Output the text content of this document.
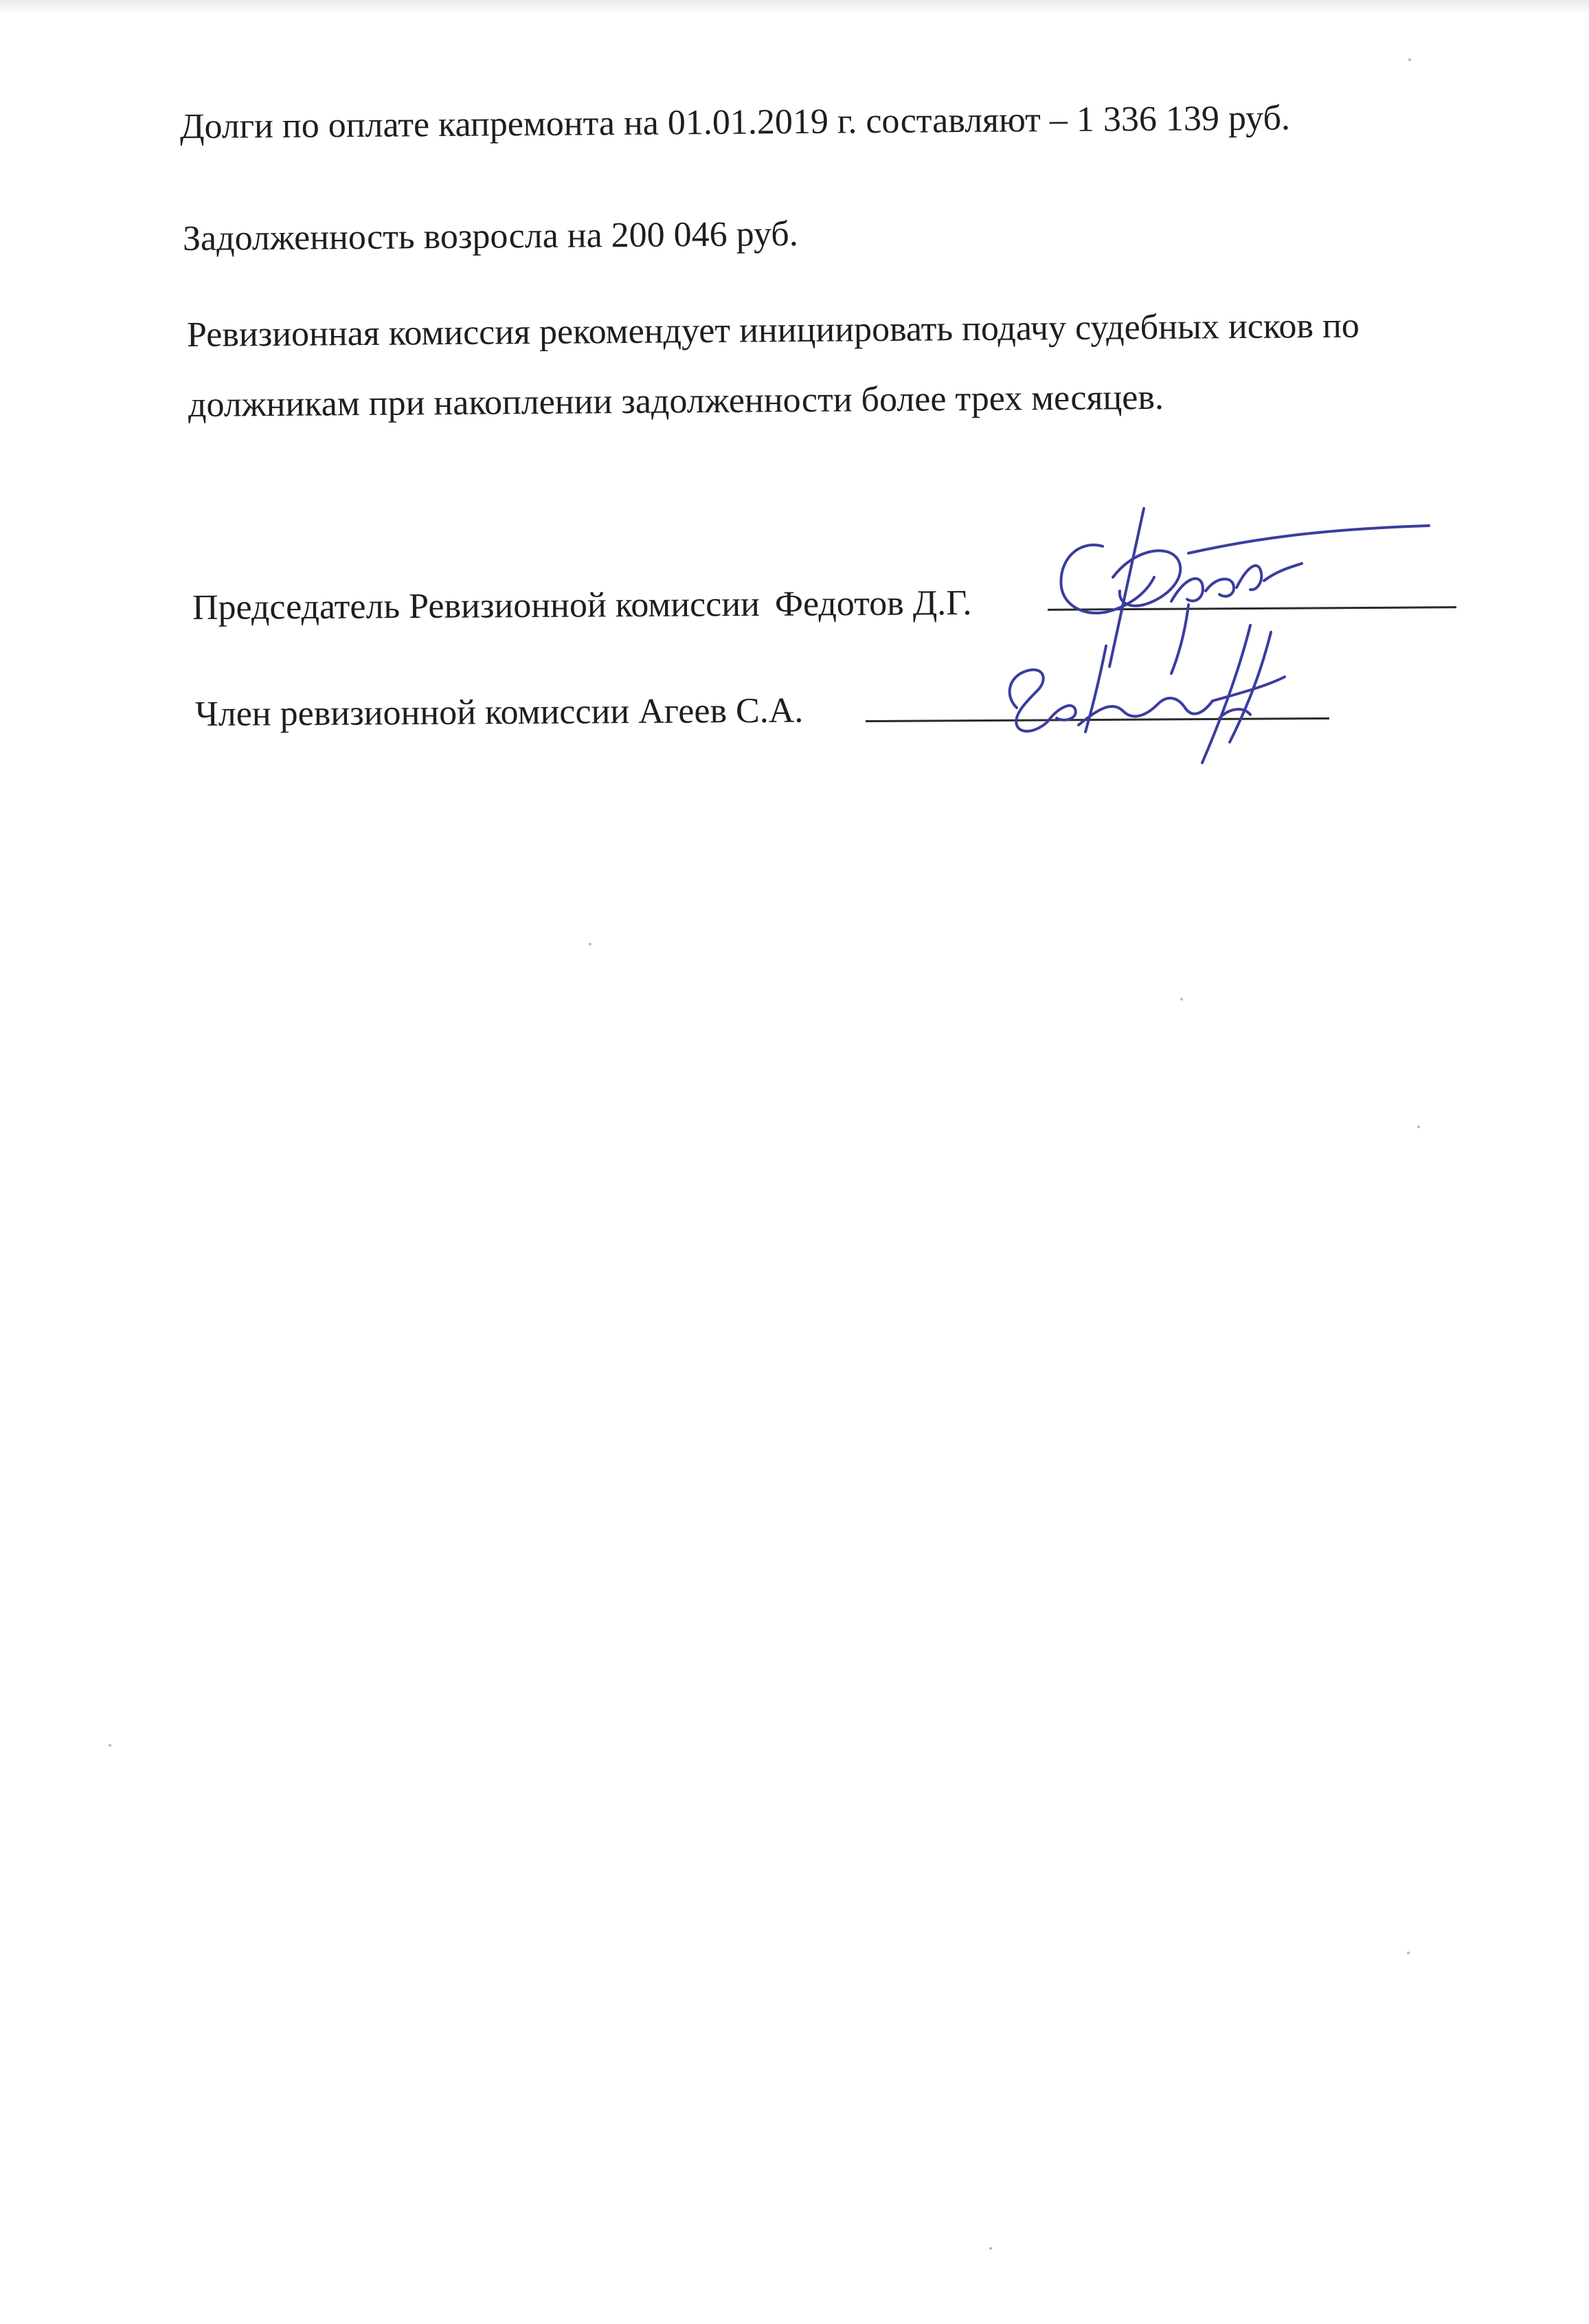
Долги по оплате капремонта на 01.01.2019 г. составляют – 1 336 139 руб.
Задолженность возросла на 200 046 руб.
Ревизионная комиссия рекомендует инициировать подачу судебных исков по
должникам при накоплении задолженности более трех месяцев.
Председатель Ревизионной комиссии Федотов Д.Г.
Член ревизионной комиссии Агеев С.А.
